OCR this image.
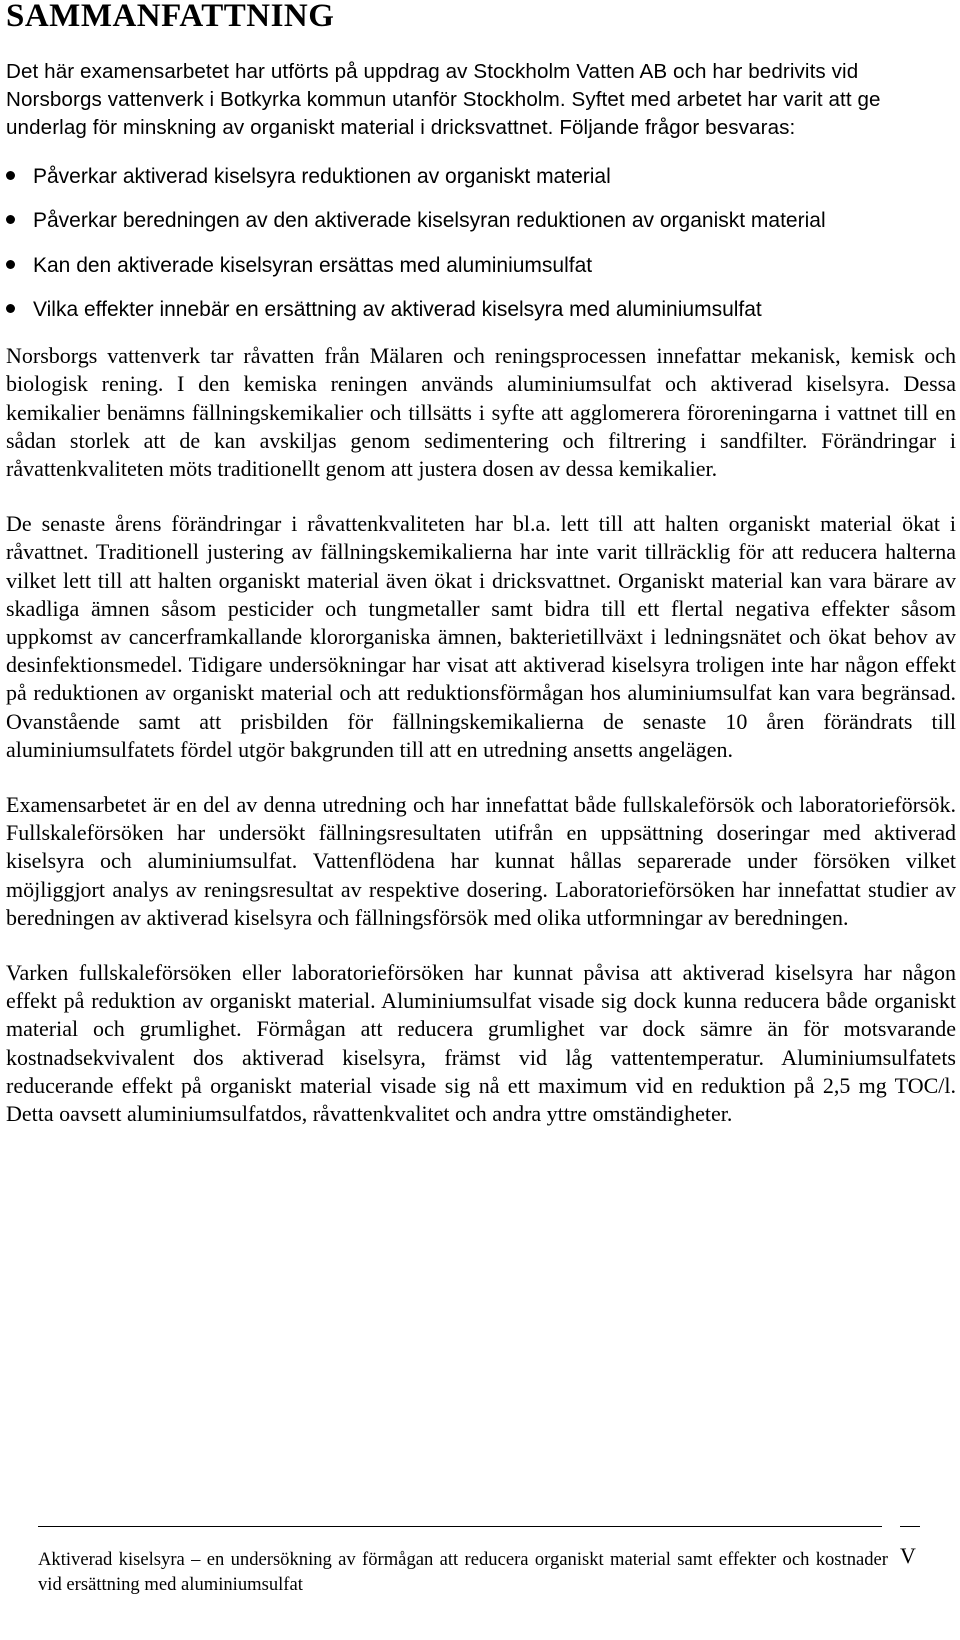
SAMMANFATTNING

Det här examensarbetet har utförts på uppdrag av Stockholm Vatten AB och har bedrivits vid Norsborgs vattenverk i Botkyrka kommun utanför Stockholm. Syftet med arbetet har varit att ge underlag för minskning av organiskt material i dricksvattnet. Följande frågor besvaras:

Påverkar aktiverad kiselsyra reduktionen av organiskt material
Påverkar beredningen av den aktiverade kiselsyran reduktionen av organiskt material
Kan den aktiverade kiselsyran ersättas med aluminiumsulfat
Vilka effekter innebär en ersättning av aktiverad kiselsyra med aluminiumsulfat

Norsborgs vattenverk tar råvatten från Mälaren och reningsprocessen innefattar mekanisk, kemisk och biologisk rening. I den kemiska reningen används aluminiumsulfat och aktiverad kiselsyra. Dessa kemikalier benämns fällningskemikalier och tillsätts i syfte att agglomerera föroreningarna i vattnet till en sådan storlek att de kan avskiljas genom sedimentering och filtrering i sandfilter. Förändringar i råvattenkvaliteten möts traditionellt genom att justera dosen av dessa kemikalier.

De senaste årens förändringar i råvattenkvaliteten har bl.a. lett till att halten organiskt material ökat i råvattnet. Traditionell justering av fällningskemikalierna har inte varit tillräcklig för att reducera halterna vilket lett till att halten organiskt material även ökat i dricksvattnet. Organiskt material kan vara bärare av skadliga ämnen såsom pesticider och tungmetaller samt bidra till ett flertal negativa effekter såsom uppkomst av cancerframkallande klororganiska ämnen, bakterietillväxt i ledningsnätet och ökat behov av desinfektionsmedel. Tidigare undersökningar har visat att aktiverad kiselsyra troligen inte har någon effekt på reduktionen av organiskt material och att reduktionsförmågan hos aluminiumsulfat kan vara begränsad. Ovanstående samt att prisbilden för fällningskemikalierna de senaste 10 åren förändrats till aluminiumsulfatets fördel utgör bakgrunden till att en utredning ansetts angelägen.

Examensarbetet är en del av denna utredning och har innefattat både fullskaleförsök och laboratorieförsök. Fullskaleförsöken har undersökt fällningsresultaten utifrån en uppsättning doseringar med aktiverad kiselsyra och aluminiumsulfat. Vattenflödena har kunnat hållas separerade under försöken vilket möjliggjort analys av reningsresultat av respektive dosering. Laboratorieförsöken har innefattat studier av beredningen av aktiverad kiselsyra och fällningsförsök med olika utformningar av beredningen.

Varken fullskaleförsöken eller laboratorieförsöken har kunnat påvisa att aktiverad kiselsyra har någon effekt på reduktion av organiskt material. Aluminiumsulfat visade sig dock kunna reducera både organiskt material och grumlighet. Förmågan att reducera grumlighet var dock sämre än för motsvarande kostnadsekvivalent dos aktiverad kiselsyra, främst vid låg vattentemperatur. Aluminiumsulfatets reducerande effekt på organiskt material visade sig nå ett maximum vid en reduktion på 2,5 mg TOC/l. Detta oavsett aluminiumsulfatdos, råvattenkvalitet och andra yttre omständigheter.

Aktiverad kiselsyra – en undersökning av förmågan att reducera organiskt material samt effekter och kostnader vid ersättning med aluminiumsulfat
V
